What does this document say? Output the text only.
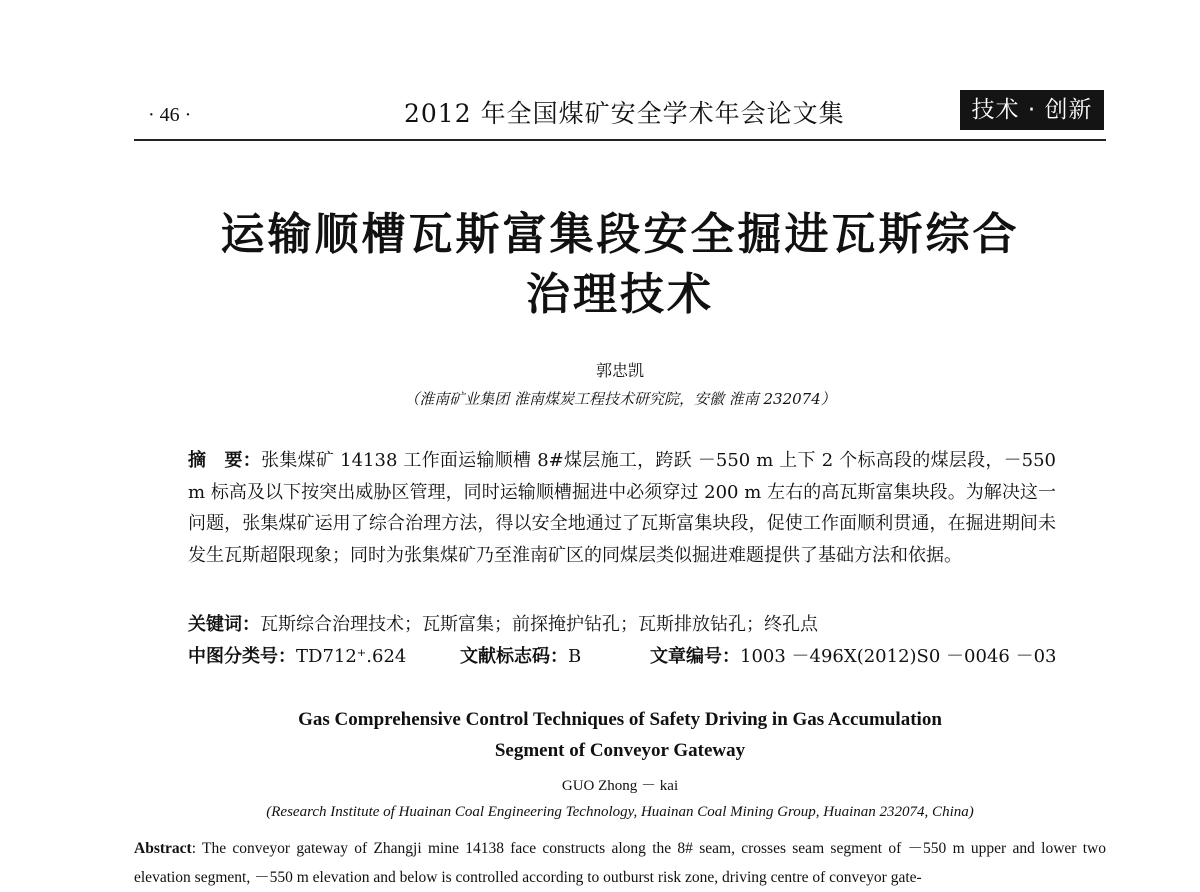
· 46 ·	2012 年全国煤矿安全学术年会论文集	技术 · 创新
运输顺槽瓦斯富集段安全掘进瓦斯综合
治理技术
郭忠凯
（淮南矿业集团 淮南煤炭工程技术研究院，安徽 淮南 232074）
摘　要：张集煤矿 14138 工作面运输顺槽 8#煤层施工，跨跃 －550 m 上下 2 个标高段的煤层段，－550 m 标高及以下按突出威胁区管理，同时运输顺槽掘进中必须穿过 200 m 左右的高瓦斯富集块段。为解决这一问题，张集煤矿运用了综合治理方法，得以安全地通过了瓦斯富集块段，促使工作面顺利贯通，在掘进期间未发生瓦斯超限现象；同时为张集煤矿乃至淮南矿区的同煤层类似掘进难题提供了基础方法和依据。
关键词：瓦斯综合治理技术；瓦斯富集；前探掩护钻孔；瓦斯排放钻孔；终孔点
中图分类号：TD712⁺.624	文献标志码：B	文章编号：1003 －496X(2012)S0 －0046 －03
Gas Comprehensive Control Techniques of Safety Driving in Gas Accumulation
Segment of Conveyor Gateway
GUO Zhong － kai
(Research Institute of Huainan Coal Engineering Technology, Huainan Coal Mining Group, Huainan 232074, China)
Abstract: The conveyor gateway of Zhangji mine 14138 face constructs along the 8# seam, crosses seam segment of －550 m upper and lower two elevation segment, －550 m elevation and below is controlled according to outburst risk zone, driving centre of conveyor gate-
